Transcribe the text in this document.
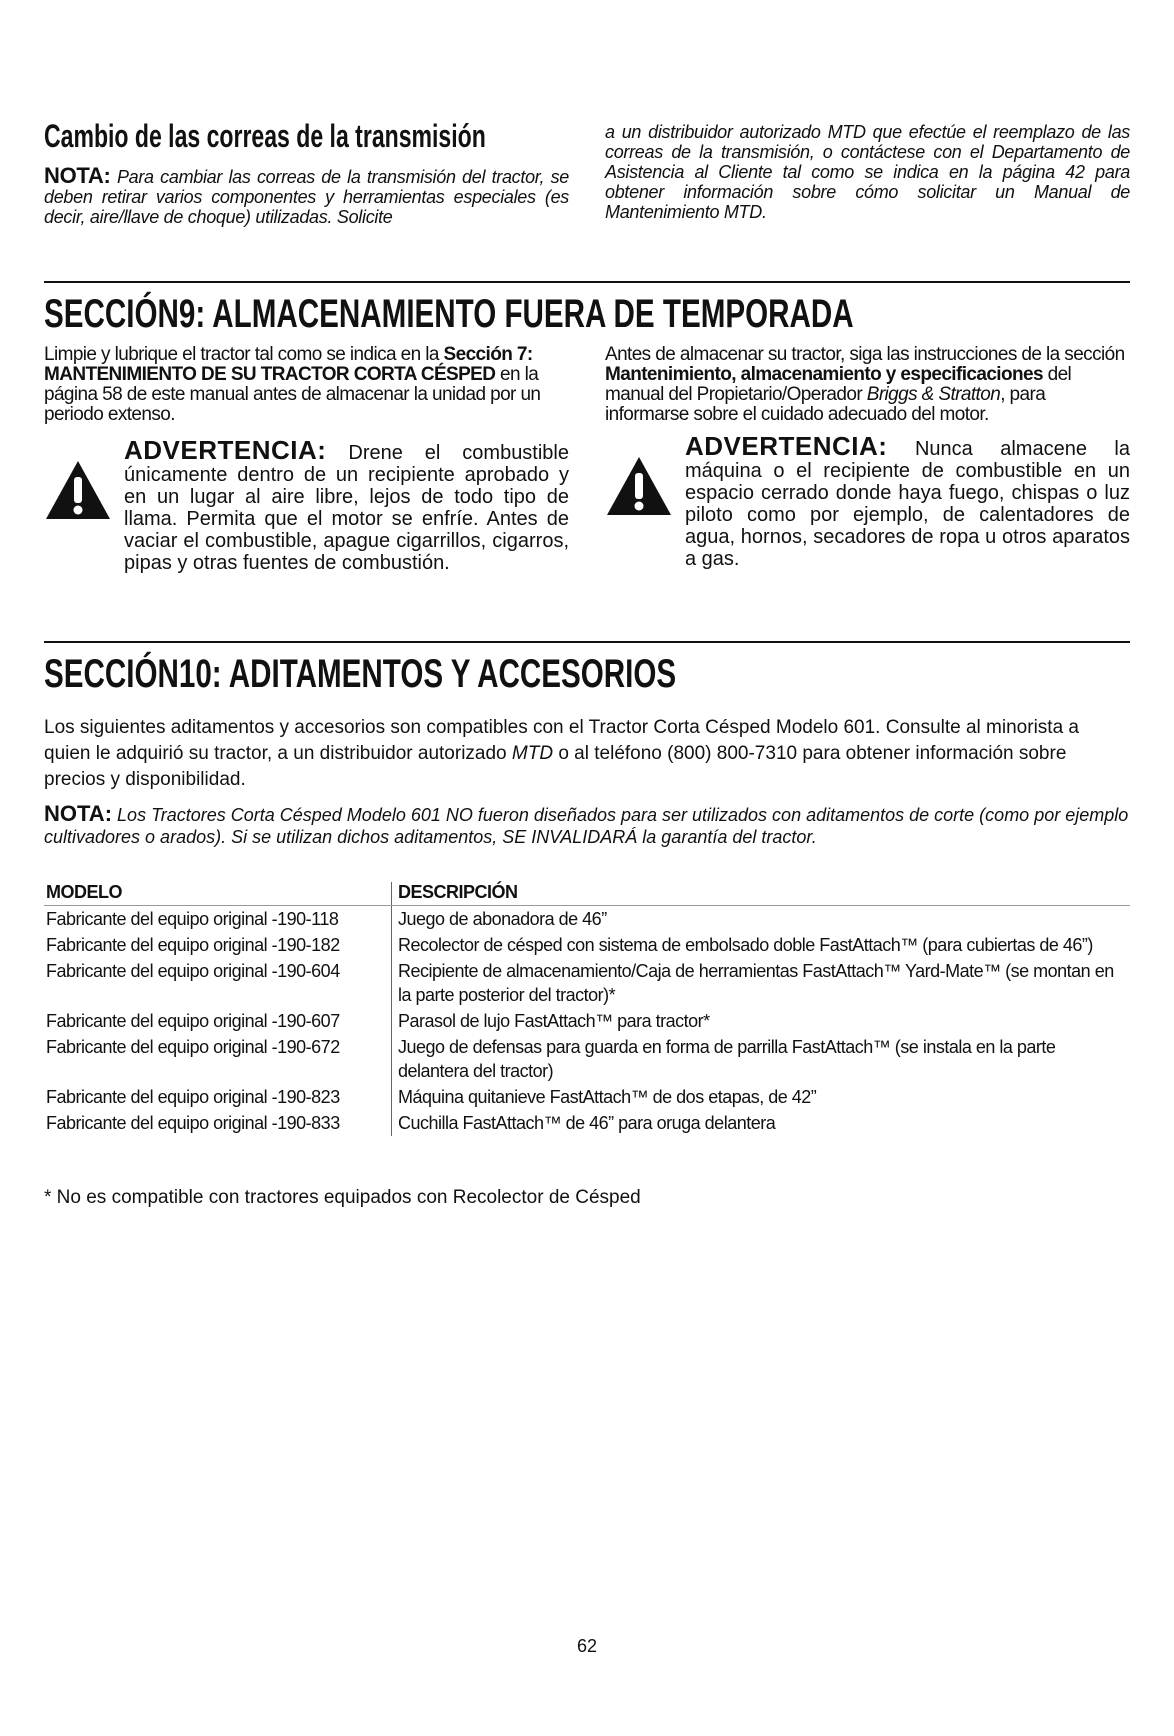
Cambio de las correas de la transmisión

NOTA: Para cambiar las correas de la transmisión del tractor, se deben retirar varios componentes y herramientas especiales (es decir, aire/llave de choque) utilizadas. Solicite

a un distribuidor autorizado MTD que efectúe el reemplazo de las correas de la transmisión, o contáctese con el Departamento de Asistencia al Cliente tal como se indica en la página 42 para obtener información sobre cómo solicitar un Manual de Mantenimiento MTD.

SECCIÓN9: ALMACENAMIENTO FUERA DE TEMPORADA

Limpie y lubrique el tractor tal como se indica en la Sección 7: MANTENIMIENTO DE SU TRACTOR CORTA CÉSPED en la página 58 de este manual antes de almacenar la unidad por un periodo extenso.

ADVERTENCIA: Drene el combustible únicamente dentro de un recipiente aprobado y en un lugar al aire libre, lejos de todo tipo de llama. Permita que el motor se enfríe. Antes de vaciar el combustible, apague cigarrillos, cigarros, pipas y otras fuentes de combustión.

Antes de almacenar su tractor, siga las instrucciones de la sección Mantenimiento, almacenamiento y especificaciones del manual del Propietario/Operador Briggs & Stratton, para informarse sobre el cuidado adecuado del motor.

ADVERTENCIA: Nunca almacene la máquina o el recipiente de combustible en un espacio cerrado donde haya fuego, chispas o luz piloto como por ejemplo, de calentadores de agua, hornos, secadores de ropa u otros aparatos a gas.
SECCIÓN10: ADITAMENTOS Y ACCESORIOS

Los siguientes aditamentos y accesorios son compatibles con el Tractor Corta Césped Modelo 601. Consulte al minorista a quien le adquirió su tractor, a un distribuidor autorizado MTD o al teléfono (800) 800-7310 para obtener información sobre precios y disponibilidad.

NOTA: Los Tractores Corta Césped Modelo 601 NO fueron diseñados para ser utilizados con aditamentos de corte (como por ejemplo cultivadores o arados). Si se utilizan dichos aditamentos, SE INVALIDARÁ la garantía del tractor.

MODELO	DESCRIPCIÓN
Fabricante del equipo original -190-118	Juego de abonadora de 46”
Fabricante del equipo original -190-182	Recolector de césped con sistema de embolsado doble FastAttach™ (para cubiertas de 46”)
Fabricante del equipo original -190-604	Recipiente de almacenamiento/Caja de herramientas FastAttach™ Yard-Mate™ (se montan en la parte posterior del tractor)*
Fabricante del equipo original -190-607	Parasol de lujo FastAttach™ para tractor*
Fabricante del equipo original -190-672	Juego de defensas para guarda en forma de parrilla FastAttach™ (se instala en la parte delantera del tractor)
Fabricante del equipo original -190-823	Máquina quitanieve FastAttach™ de dos etapas, de 42”
Fabricante del equipo original -190-833	Cuchilla FastAttach™ de 46” para oruga delantera

* No es compatible con tractores equipados con Recolector de Césped

62
